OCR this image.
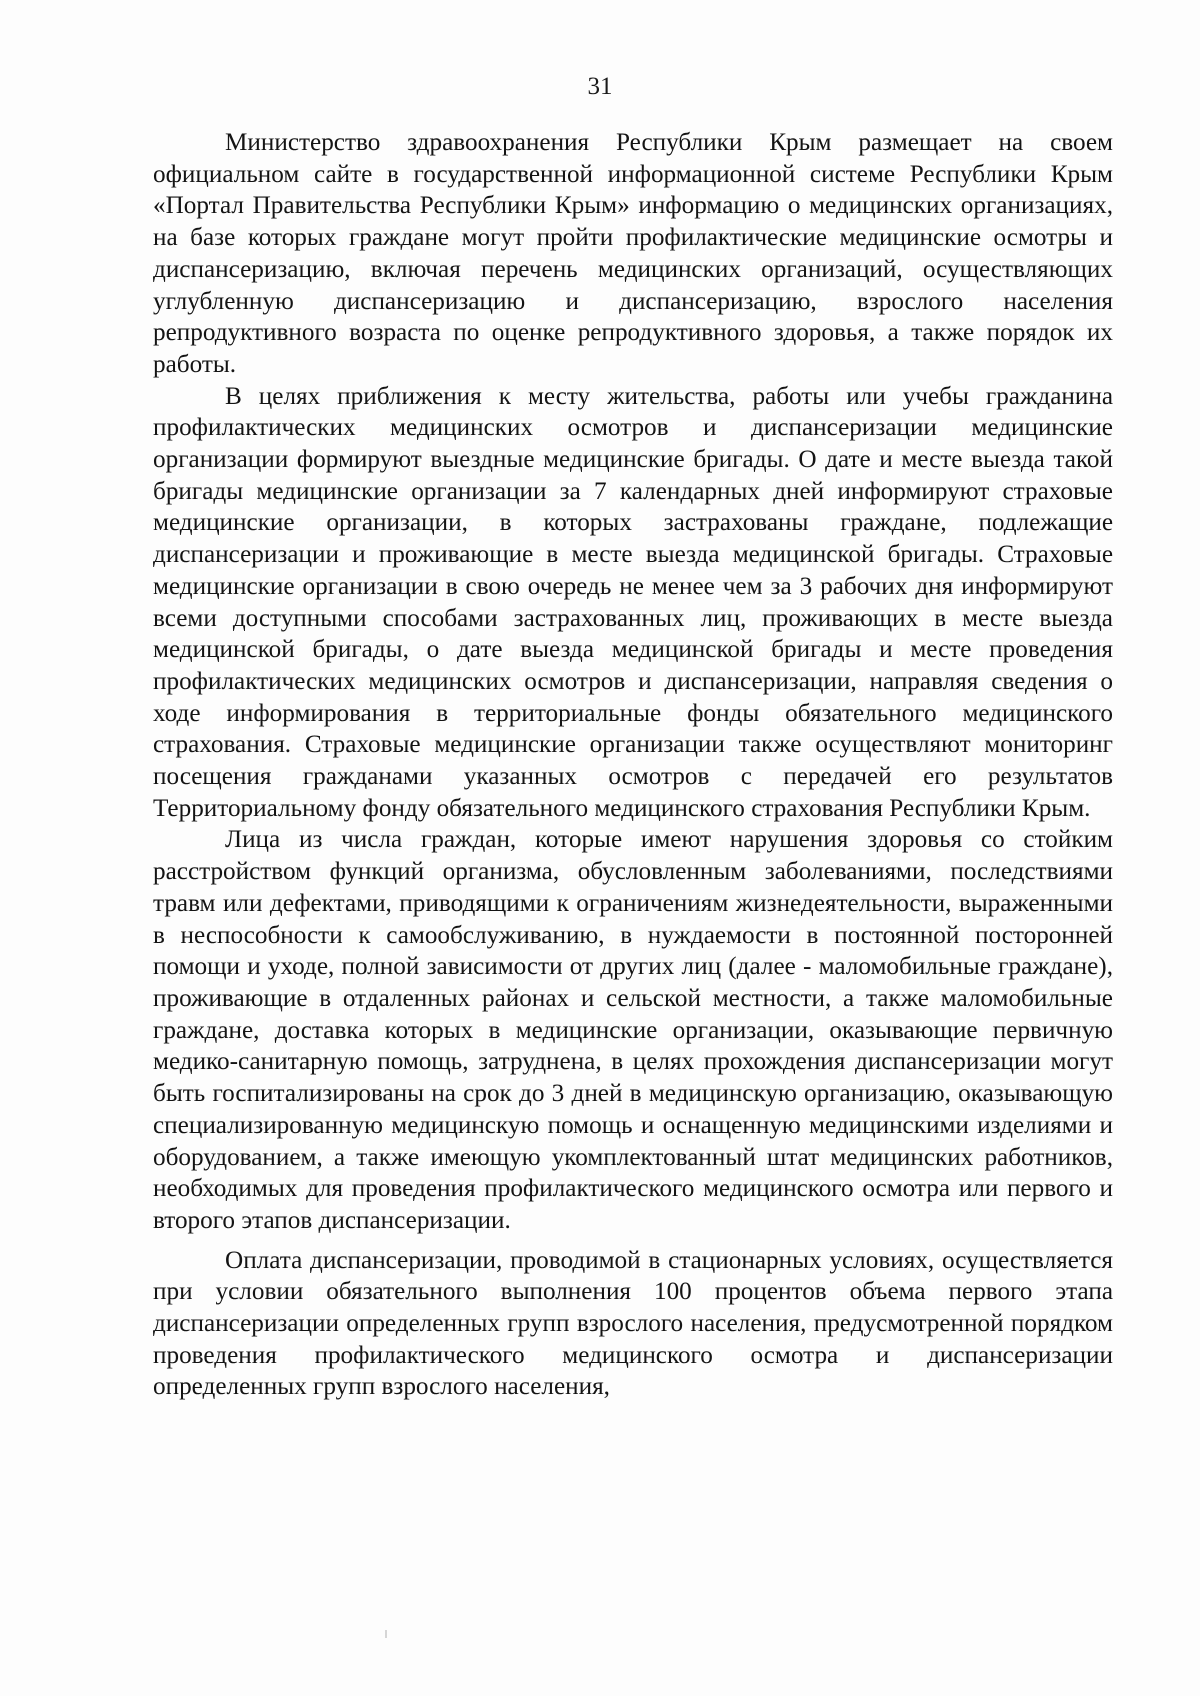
31

Министерство здравоохранения Республики Крым размещает на своем официальном сайте в государственной информационной системе Республики Крым «Портал Правительства Республики Крым» информацию о медицинских организациях, на базе которых граждане могут пройти профилактические медицинские осмотры и диспансеризацию, включая перечень медицинских организаций, осуществляющих углубленную диспансеризацию и диспансеризацию, взрослого населения репродуктивного возраста по оценке репродуктивного здоровья, а также порядок их работы.

В целях приближения к месту жительства, работы или учебы гражданина профилактических медицинских осмотров и диспансеризации медицинские организации формируют выездные медицинские бригады. О дате и месте выезда такой бригады медицинские организации за 7 календарных дней информируют страховые медицинские организации, в которых застрахованы граждане, подлежащие диспансеризации и проживающие в месте выезда медицинской бригады. Страховые медицинские организации в свою очередь не менее чем за 3 рабочих дня информируют всеми доступными способами застрахованных лиц, проживающих в месте выезда медицинской бригады, о дате выезда медицинской бригады и месте проведения профилактических медицинских осмотров и диспансеризации, направляя сведения о ходе информирования в территориальные фонды обязательного медицинского страхования. Страховые медицинские организации также осуществляют мониторинг посещения гражданами указанных осмотров с передачей его результатов Территориальному фонду обязательного медицинского страхования Республики Крым.

Лица из числа граждан, которые имеют нарушения здоровья со стойким расстройством функций организма, обусловленным заболеваниями, последствиями травм или дефектами, приводящими к ограничениям жизнедеятельности, выраженными в неспособности к самообслуживанию, в нуждаемости в постоянной посторонней помощи и уходе, полной зависимости от других лиц (далее - маломобильные граждане), проживающие в отдаленных районах и сельской местности, а также маломобильные граждане, доставка которых в медицинские организации, оказывающие первичную медико-санитарную помощь, затруднена, в целях прохождения диспансеризации могут быть госпитализированы на срок до 3 дней в медицинскую организацию, оказывающую специализированную медицинскую помощь и оснащенную медицинскими изделиями и оборудованием, а также имеющую укомплектованный штат медицинских работников, необходимых для проведения профилактического медицинского осмотра или первого и второго этапов диспансеризации.

Оплата диспансеризации, проводимой в стационарных условиях, осуществляется при условии обязательного выполнения 100 процентов объема первого этапа диспансеризации определенных групп взрослого населения, предусмотренной порядком проведения профилактического медицинского осмотра и диспансеризации определенных групп взрослого населения,
